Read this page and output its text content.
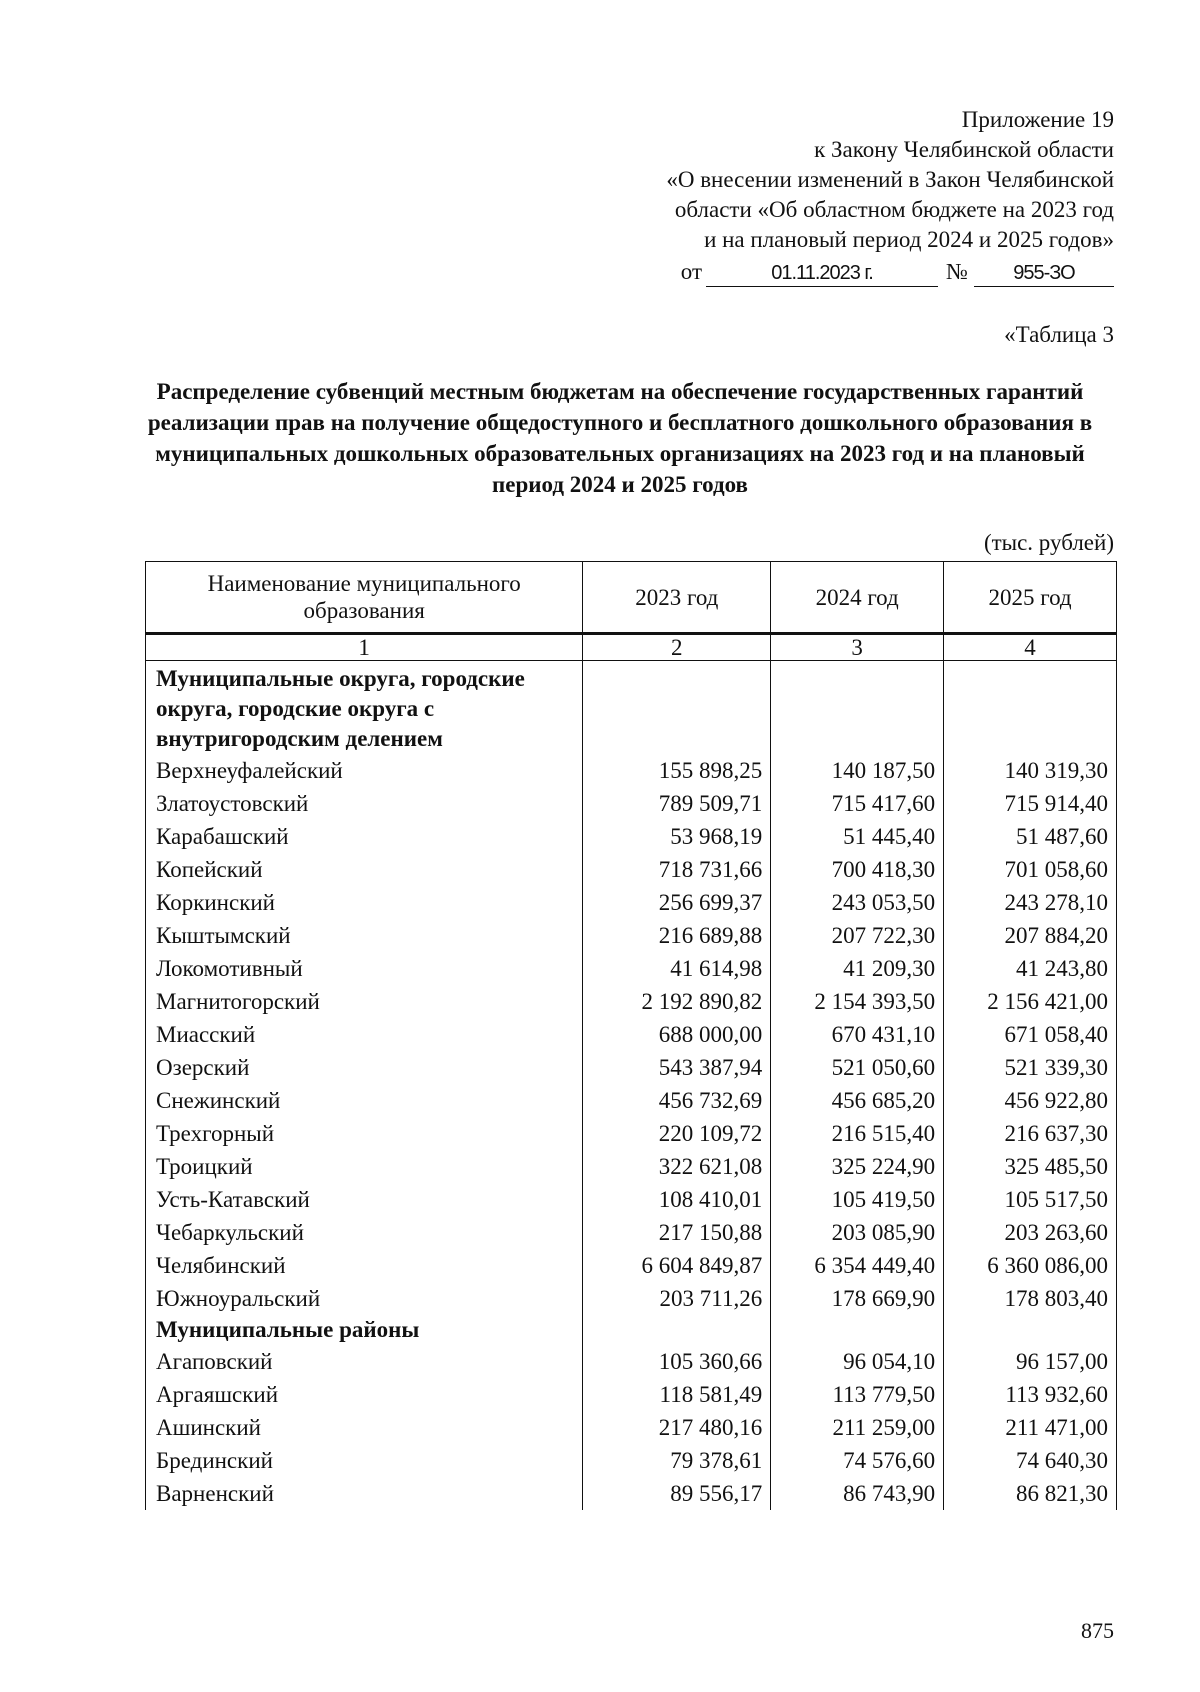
Приложение 19
к Закону Челябинской области
«О внесении изменений в Закон Челябинской
области «Об областном бюджете на 2023 год
и на плановый период 2024 и 2025 годов»
от	01.11.2023 г.	№ 955-ЗО
«Таблица 3
Распределение субвенций местным бюджетам на обеспечение государственных гарантий реализации прав на получение общедоступного и бесплатного дошкольного образования в муниципальных дошкольных образовательных организациях на 2023 год и на плановый период 2024 и 2025 годов
(тыс. рублей)
Наименование муниципального образования	2023 год	2024 год	2025 год
1	2	3	4
Муниципальные округа, городские округа, городские округа с внутригородским делением			
Верхнеуфалейский	155 898,25	140 187,50	140 319,30
Златоустовский	789 509,71	715 417,60	715 914,40
Карабашский	53 968,19	51 445,40	51 487,60
Копейский	718 731,66	700 418,30	701 058,60
Коркинский	256 699,37	243 053,50	243 278,10
Кыштымский	216 689,88	207 722,30	207 884,20
Локомотивный	41 614,98	41 209,30	41 243,80
Магнитогорский	2 192 890,82	2 154 393,50	2 156 421,00
Миасский	688 000,00	670 431,10	671 058,40
Озерский	543 387,94	521 050,60	521 339,30
Снежинский	456 732,69	456 685,20	456 922,80
Трехгорный	220 109,72	216 515,40	216 637,30
Троицкий	322 621,08	325 224,90	325 485,50
Усть-Катавский	108 410,01	105 419,50	105 517,50
Чебаркульский	217 150,88	203 085,90	203 263,60
Челябинский	6 604 849,87	6 354 449,40	6 360 086,00
Южноуральский	203 711,26	178 669,90	178 803,40
Муниципальные районы			
Агаповский	105 360,66	96 054,10	96 157,00
Аргаяшский	118 581,49	113 779,50	113 932,60
Ашинский	217 480,16	211 259,00	211 471,00
Брединский	79 378,61	74 576,60	74 640,30
Варненский	89 556,17	86 743,90	86 821,30
875
